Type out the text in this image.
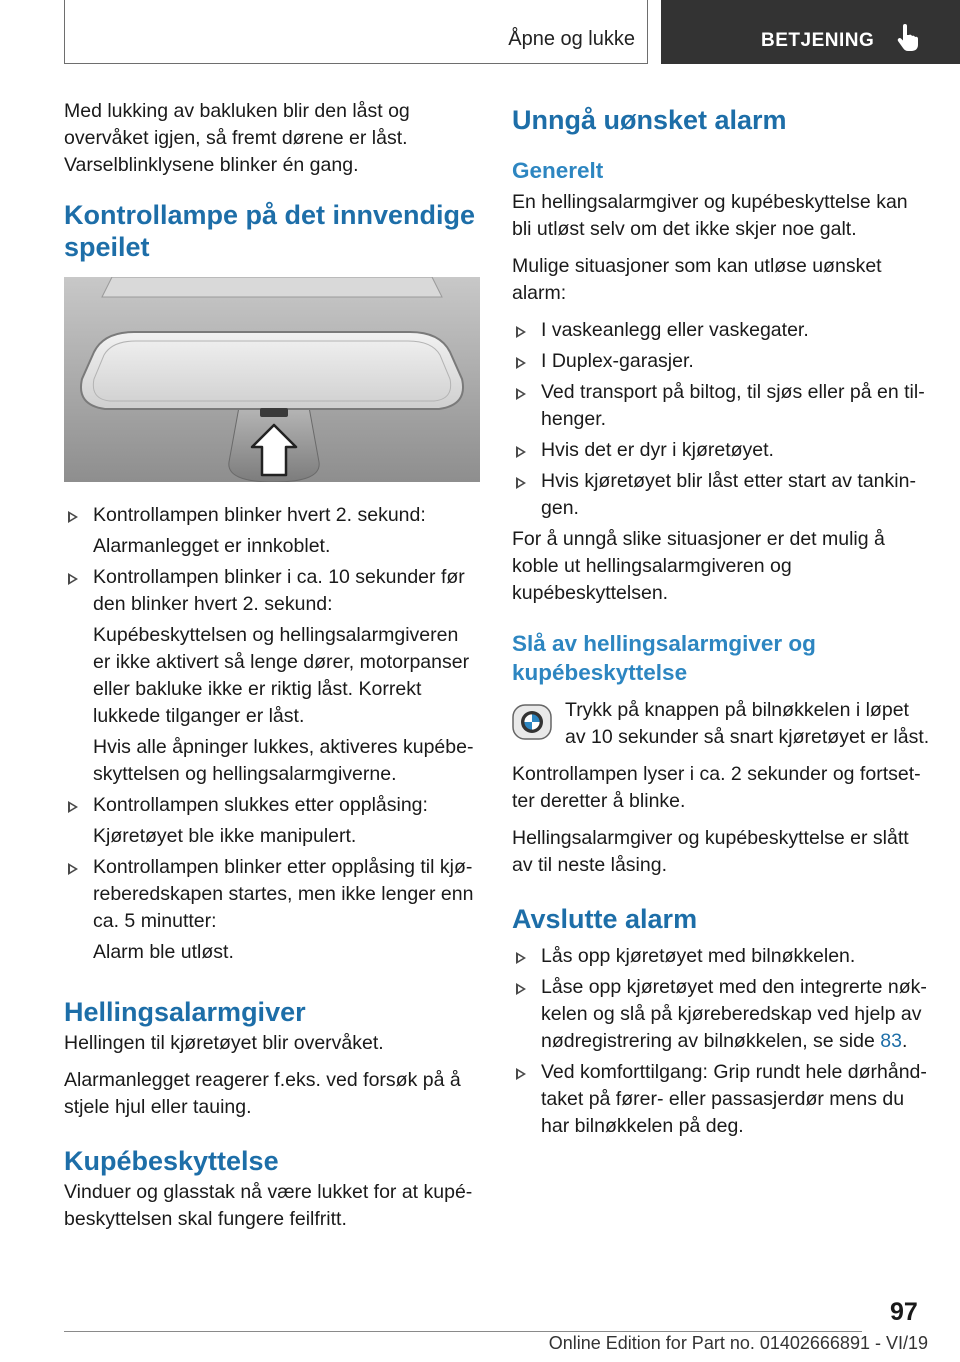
Åpne og lukke	BETJENING

Med lukking av bakluken blir den låst og overvåket igjen, så fremt dørene er låst. Varselblinklysene blinker én gang.

Kontrollampe på det innvendige
speilet
Kontrollampen blinker hvert 2. sekund:
Alarmanlegget er innkoblet.
Kontrollampen blinker i ca. 10 sekunder før den blinker hvert 2. sekund:
Kupébeskyttelsen og hellingsalarmgiveren er ikke aktivert så lenge dører, motorpanser eller bakluke ikke er riktig låst. Korrekt lukkede tilganger er låst.
Hvis alle åpninger lukkes, aktiveres kupébeskyttelsen og hellingsalarmgiverne.
Kontrollampen slukkes etter opplåsing:
Kjøretøyet ble ikke manipulert.
Kontrollampen blinker etter opplåsing til kjøreberedskapen startes, men ikke lenger enn ca. 5 minutter:
Alarm ble utløst.
Hellingsalarmgiver

Hellingen til kjøretøyet blir overvåket.

Alarmanlegget reagerer f.eks. ved forsøk på å stjele hjul eller tauing.

Kupébeskyttelse

Vinduer og glasstak nå være lukket for at kupébeskyttelsen skal fungere feilfritt.

Unngå uønsket alarm
Generelt

En hellingsalarmgiver og kupébeskyttelse kan bli utløst selv om det ikke skjer noe galt.

Mulige situasjoner som kan utløse uønsket alarm:

I vaskeanlegg eller vaskegater.
I Duplex-garasjer.
Ved transport på biltog, til sjøs eller på en tilhenger.
Hvis det er dyr i kjøretøyet.
Hvis kjøretøyet blir låst etter start av tankingen.

For å unngå slike situasjoner er det mulig å koble ut hellingsalarmgiveren og kupébeskyttelsen.

Slå av hellingsalarmgiver og
kupébeskyttelse

Trykk på knappen på bilnøkkelen i løpet av 10 sekunder så snart kjøretøyet er låst.

Kontrollampen lyser i ca. 2 sekunder og fortsetter deretter å blinke.

Hellingsalarmgiver og kupébeskyttelse er slått av til neste låsing.

Avslutte alarm
Lås opp kjøretøyet med bilnøkkelen.
Låse opp kjøretøyet med den integrerte nøkkelen og slå på kjøreberedskap ved hjelp av nødregistrering av bilnøkkelen, se side 83.
Ved komforttilgang: Grip rundt hele dørhåndtaket på fører- eller passasjerdør mens du har bilnøkkelen på deg.
97
Online Edition for Part no. 01402666891 - VI/19
